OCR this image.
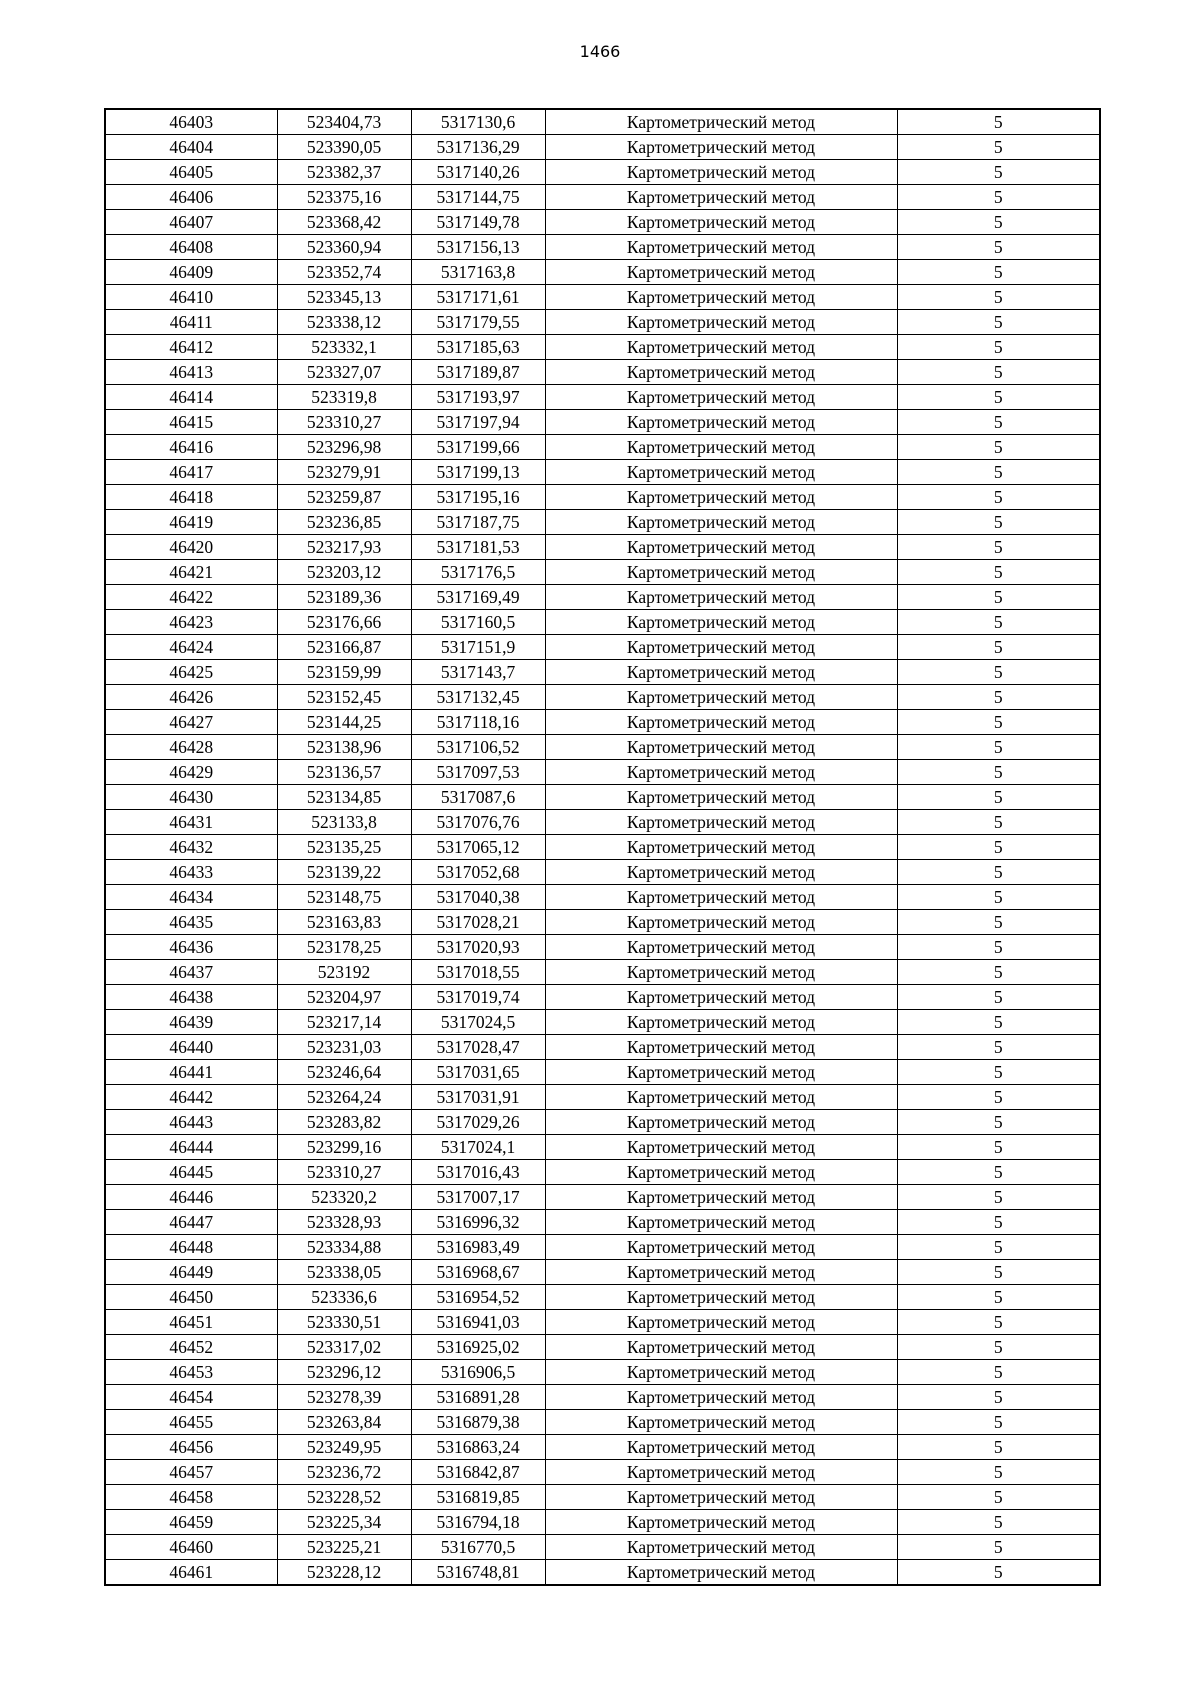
1466
46403	523404,73	5317130,6	Картометрический метод	5
46404	523390,05	5317136,29	Картометрический метод	5
46405	523382,37	5317140,26	Картометрический метод	5
46406	523375,16	5317144,75	Картометрический метод	5
46407	523368,42	5317149,78	Картометрический метод	5
46408	523360,94	5317156,13	Картометрический метод	5
46409	523352,74	5317163,8	Картометрический метод	5
46410	523345,13	5317171,61	Картометрический метод	5
46411	523338,12	5317179,55	Картометрический метод	5
46412	523332,1	5317185,63	Картометрический метод	5
46413	523327,07	5317189,87	Картометрический метод	5
46414	523319,8	5317193,97	Картометрический метод	5
46415	523310,27	5317197,94	Картометрический метод	5
46416	523296,98	5317199,66	Картометрический метод	5
46417	523279,91	5317199,13	Картометрический метод	5
46418	523259,87	5317195,16	Картометрический метод	5
46419	523236,85	5317187,75	Картометрический метод	5
46420	523217,93	5317181,53	Картометрический метод	5
46421	523203,12	5317176,5	Картометрический метод	5
46422	523189,36	5317169,49	Картометрический метод	5
46423	523176,66	5317160,5	Картометрический метод	5
46424	523166,87	5317151,9	Картометрический метод	5
46425	523159,99	5317143,7	Картометрический метод	5
46426	523152,45	5317132,45	Картометрический метод	5
46427	523144,25	5317118,16	Картометрический метод	5
46428	523138,96	5317106,52	Картометрический метод	5
46429	523136,57	5317097,53	Картометрический метод	5
46430	523134,85	5317087,6	Картометрический метод	5
46431	523133,8	5317076,76	Картометрический метод	5
46432	523135,25	5317065,12	Картометрический метод	5
46433	523139,22	5317052,68	Картометрический метод	5
46434	523148,75	5317040,38	Картометрический метод	5
46435	523163,83	5317028,21	Картометрический метод	5
46436	523178,25	5317020,93	Картометрический метод	5
46437	523192	5317018,55	Картометрический метод	5
46438	523204,97	5317019,74	Картометрический метод	5
46439	523217,14	5317024,5	Картометрический метод	5
46440	523231,03	5317028,47	Картометрический метод	5
46441	523246,64	5317031,65	Картометрический метод	5
46442	523264,24	5317031,91	Картометрический метод	5
46443	523283,82	5317029,26	Картометрический метод	5
46444	523299,16	5317024,1	Картометрический метод	5
46445	523310,27	5317016,43	Картометрический метод	5
46446	523320,2	5317007,17	Картометрический метод	5
46447	523328,93	5316996,32	Картометрический метод	5
46448	523334,88	5316983,49	Картометрический метод	5
46449	523338,05	5316968,67	Картометрический метод	5
46450	523336,6	5316954,52	Картометрический метод	5
46451	523330,51	5316941,03	Картометрический метод	5
46452	523317,02	5316925,02	Картометрический метод	5
46453	523296,12	5316906,5	Картометрический метод	5
46454	523278,39	5316891,28	Картометрический метод	5
46455	523263,84	5316879,38	Картометрический метод	5
46456	523249,95	5316863,24	Картометрический метод	5
46457	523236,72	5316842,87	Картометрический метод	5
46458	523228,52	5316819,85	Картометрический метод	5
46459	523225,34	5316794,18	Картометрический метод	5
46460	523225,21	5316770,5	Картометрический метод	5
46461	523228,12	5316748,81	Картометрический метод	5
